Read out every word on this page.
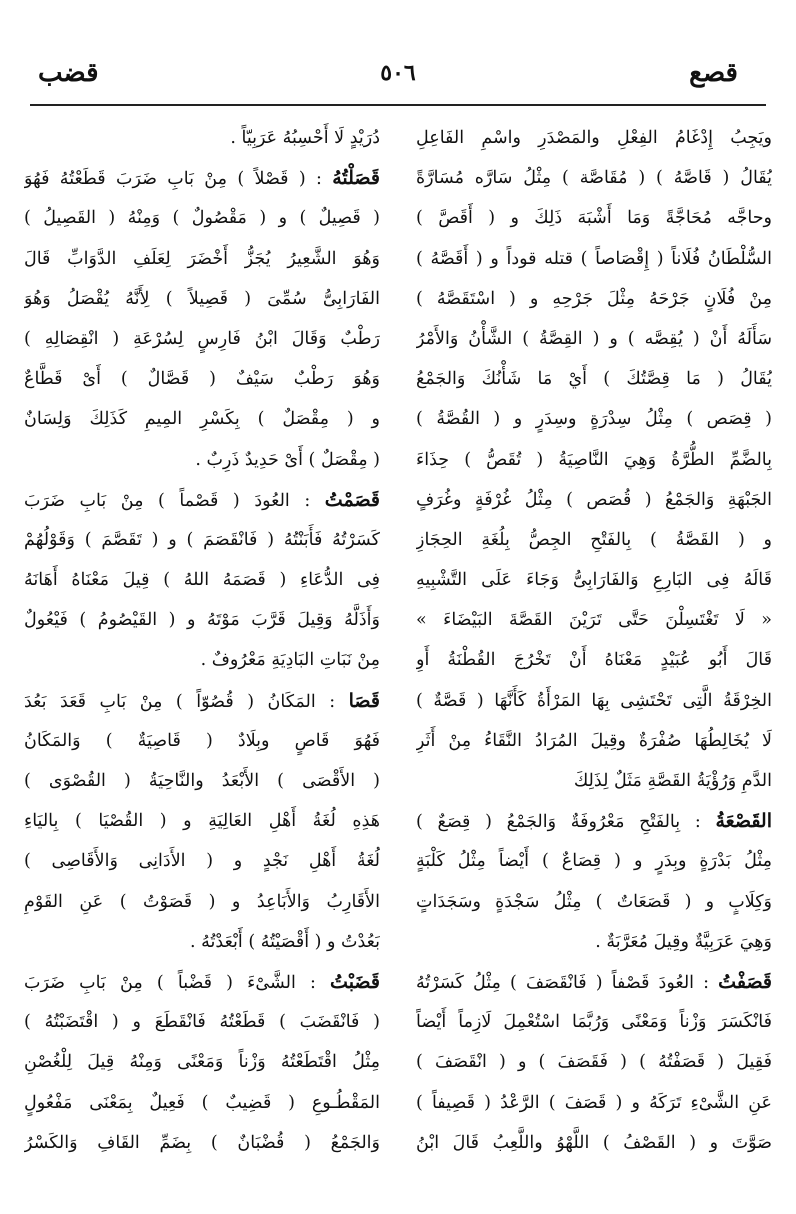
قصع
٥٠٦
قضب
ويَجِبُ إِدْغَامُ الفِعْلِ والمَصْدَرِ واسْمِ الفَاعِلِ
يُقَالُ ( قَاصَّهُ ) ( مُقَاصَّة ) مِثْلُ سَارَّه مُسَارَّةً
وحاجَّه مُحَاجَّةً وَمَا أَشْبَهَ ذَلِكَ و ( أَقَصَّ )
السُّلْطَانُ فُلَاناً ( إِقْصَاصاً ) قتله قوداً و ( أَقَصَّهُ )
مِنْ فُلَانٍ جَرْحَهُ مِثْلَ جَرْحِهِ و ( اسْتَقَصَّهُ )
سَأَلَهُ أَنْ ( يُقِصَّه ) و ( القِصَّةُ ) الشَّأْنُ وَالأَمْرُ
يُقَالُ ( مَا قِصَّتُكَ ) أَيْ مَا شَأْنُكَ وَالجَمْعُ
( قِصَص ) مِثْلُ سِدْرَةٍ وسِدَرٍ و ( القُصَّةُ )
بِالضَّمِّ الطُّرَّةُ وَهِيَ النَّاصِيَةُ ( تُقَصُّ ) حِذَاءَ
الجَبْهَةِ وَالجَمْعُ ( قُصَص ) مِثْلُ غُرْفَةٍ وغُرَفٍ
و ( القَصَّةُ ) بِالفَتْحِ الجِصُّ بِلُغَةِ الحِجَازِ
قَالَهُ فِى البَارِعِ وَالفَارَابِىُّ وَجَاءَ عَلَى التَّشْبِيهِ
« لَا تَغْتَسِلْنَ حَتَّى تَرَيْنَ القَصَّةَ البَيْضَاءَ »
قَالَ أَبُو عُبَيْدٍ مَعْنَاهُ أَنْ تَخْرُجَ القُطْنَةُ أَوِ
الخِرْقَةُ الَّتِى تَحْتَشِى بِهَا المَرْأَةُ كَأَنَّهَا ( قَصَّةٌ )
لَا يُخَالِطُهَا صُفْرَةٌ وقِيلَ المُرَادُ النَّقَاءُ مِنْ أَثَرِ
الدَّمِ وَرُؤْيَةُ القَصَّةِ مَثَلٌ لِذَلِكَ
القَصْعَةُ : بِالفَتْحِ مَعْرُوفَةٌ وَالجَمْعُ ( قِصَعٌ )
مِثْلُ بَدْرَةٍ وبِدَرٍ و ( قِصَاعٌ ) أَيْضاً مِثْلُ كَلْبَةٍ
وَكِلَابٍ و ( قَصَعَاتٌ ) مِثْلُ سَجْدَةٍ وسَجَدَاتٍ
وَهِيَ عَرَبِيَّةٌ وقِيلَ مُعَرَّبَةٌ .
قَصَفْتُ : العُودَ قَصْفاً ( فَانْقَصَفَ ) مِثْلُ كَسَرْتُهُ
فَانْكَسَرَ وَزْناً وَمَعْنًى وَرُبَّمَا اسْتُعْمِلَ لَازِماً أَيْضاً
فَقِيلَ ( قَصَفْتُهُ ) ( فَقَصَفَ ) و ( انْقَصَفَ )
عَنِ الشَّىْءِ تَرَكَهُ و ( قَصَفَ ) الرَّعْدُ ( قَصِيفاً )
صَوَّتَ و ( القَصْفُ ) اللَّهْوُ واللَّعِبُ قَالَ ابْنُ
دُرَيْدٍ لَا أَحْسِبُهُ عَرَبِيّاً .
قَصَلْتُهُ : ( قَصْلاً ) مِنْ بَابِ ضَرَبَ قَطَعْتُهُ فَهُوَ
( قَصِيلٌ ) و ( مَقْصُولٌ ) وَمِنْهُ ( القَصِيلُ )
وَهُوَ الشَّعِيرُ يُجَزُّ أَخْضَرَ لِعَلَفِ الدَّوَابِّ قَالَ
الفَارَابِىُّ سُمِّىَ ( قَصِيلاً ) لِأَنَّهُ يُقْصَلُ وَهُوَ
رَطْبٌ وَقَالَ ابْنُ فَارِسٍ لِسُرْعَةِ ( انْقِصَالِهِ )
وَهُوَ رَطْبٌ سَيْفٌ ( قَصَّالٌ ) أَىْ قَطَّاعٌ
و ( مِقْصَلٌ ) بِكَسْرِ المِيمِ كَذَلِكَ وَلِسَانٌ
( مِقْصَلٌ ) أَىْ حَدِيدٌ ذَرِبٌ .
قَصَمْتُ : العُودَ ( قَصْماً ) مِنْ بَابِ ضَرَبَ
كَسَرْتُهُ فَأَبَنْتُهُ ( فَانْقَصَمَ ) و ( تَقَصَّمَ ) وَقَوْلُهُمْ
فِى الدُّعَاءِ ( قَصَمَهُ اللهُ ) قِيلَ مَعْنَاهُ أَهَانَهُ
وَأَذَلَّهُ وَقِيلَ قَرَّبَ مَوْتَهُ و ( القَيْصُومُ ) فَيْعُولٌ
مِنْ نَبَاتِ البَادِيَةِ مَعْرُوفٌ .
قَصَا : المَكَانُ ( قُصُوّاً ) مِنْ بَابِ قَعَدَ بَعُدَ
فَهُوَ قَاصٍ وبِلَادٌ ( قَاصِيَةٌ ) وَالمَكَانُ
( الأَقْصَى ) الأَبْعَدُ والنَّاحِيَةُ ( القُصْوَى )
هَذِهِ لُغَةُ أَهْلِ العَالِيَةِ و ( القُصْيَا ) بِاليَاءِ
لُغَةُ أَهْلِ نَجْدٍ و ( الأَدَانِى وَالأَقَاصِى )
الأَقَارِبُ وَالأَبَاعِدُ و ( قَصَوْتُ ) عَنِ القَوْمِ
بَعُدْتُ و ( أَقْصَيْتُهُ ) أَبْعَدْتُهُ .
قَضَبْتُ : الشَّىْءَ ( قَضْباً ) مِنْ بَابِ ضَرَبَ
( فَانْقَضَبَ ) قَطَعْتُهُ فَانْقَطَعَ و ( اقْتَضَبْتُهُ )
مِثْلُ اقْتَطَعْتُهُ وَزْناً وَمَعْنًى وَمِنْهُ قِيلَ لِلْغُصْنِ
المَقْطُـوعِ ( قَضِيبٌ ) فَعِيلٌ بِمَعْنَى مَفْعُولٍ
وَالجَمْعُ ( قُضْبَانٌ ) بِضَمِّ القَافِ وَالكَسْرُ
